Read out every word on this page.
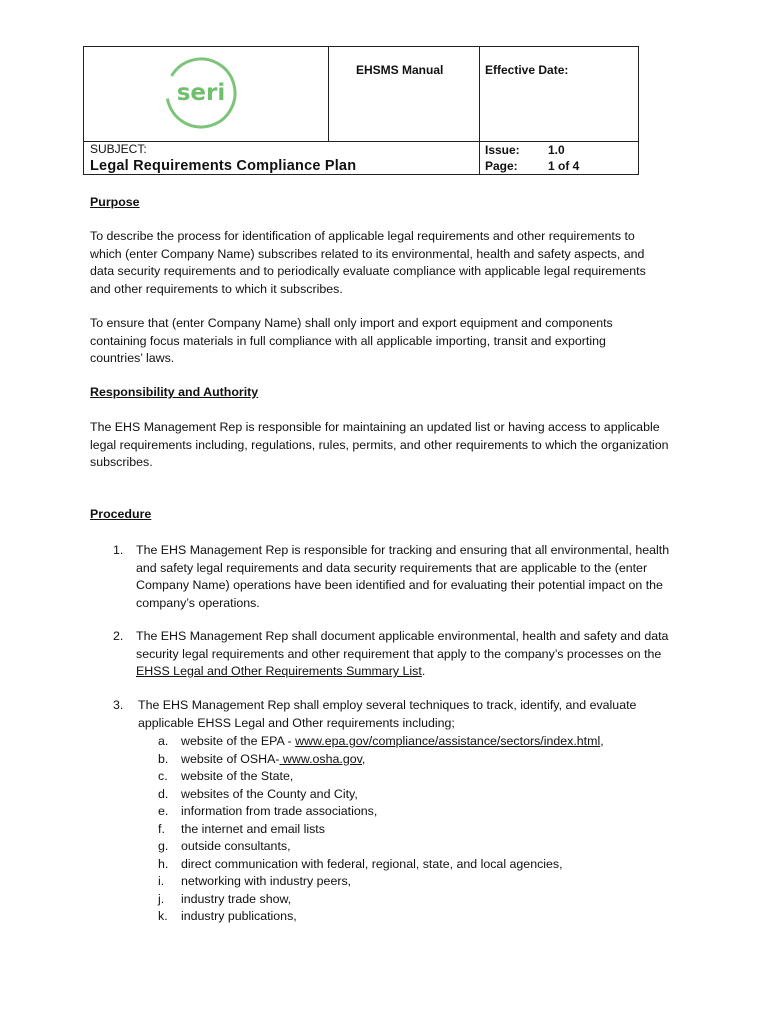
seri
EHSMS Manual	Effective Date:
SUBJECT:
Legal Requirements Compliance Plan
Issue: 1.0
Page:	1 of 4
Purpose
To describe the process for identification of applicable legal requirements and other requirements to which (enter Company Name) subscribes related to its environmental, health and safety aspects, and data security requirements and to periodically evaluate compliance with applicable legal requirements and other requirements to which it subscribes.
To ensure that (enter Company Name) shall only import and export equipment and components containing focus materials in full compliance with all applicable importing, transit and exporting countries’ laws.
Responsibility and Authority
The EHS Management Rep is responsible for maintaining an updated list or having access to applicable legal requirements including, regulations, rules, permits, and other requirements to which the organization subscribes.
Procedure
1. The EHS Management Rep is responsible for tracking and ensuring that all environmental, health and safety legal requirements and data security requirements that are applicable to the (enter Company Name) operations have been identified and for evaluating their potential impact on the company’s operations.
2. The EHS Management Rep shall document applicable environmental, health and safety and data security legal requirements and other requirement that apply to the company’s processes on the EHSS Legal and Other Requirements Summary List.
3. The EHS Management Rep shall employ several techniques to track, identify, and evaluate applicable EHSS Legal and Other requirements including;
a. website of the EPA - www.epa.gov/compliance/assistance/sectors/index.html,
b. website of OSHA- www.osha.gov,
c. website of the State,
d. websites of the County and City,
e. information from trade associations,
f. the internet and email lists
g. outside consultants,
h. direct communication with federal, regional, state, and local agencies,
i. networking with industry peers,
j. industry trade show,
k. industry publications,
